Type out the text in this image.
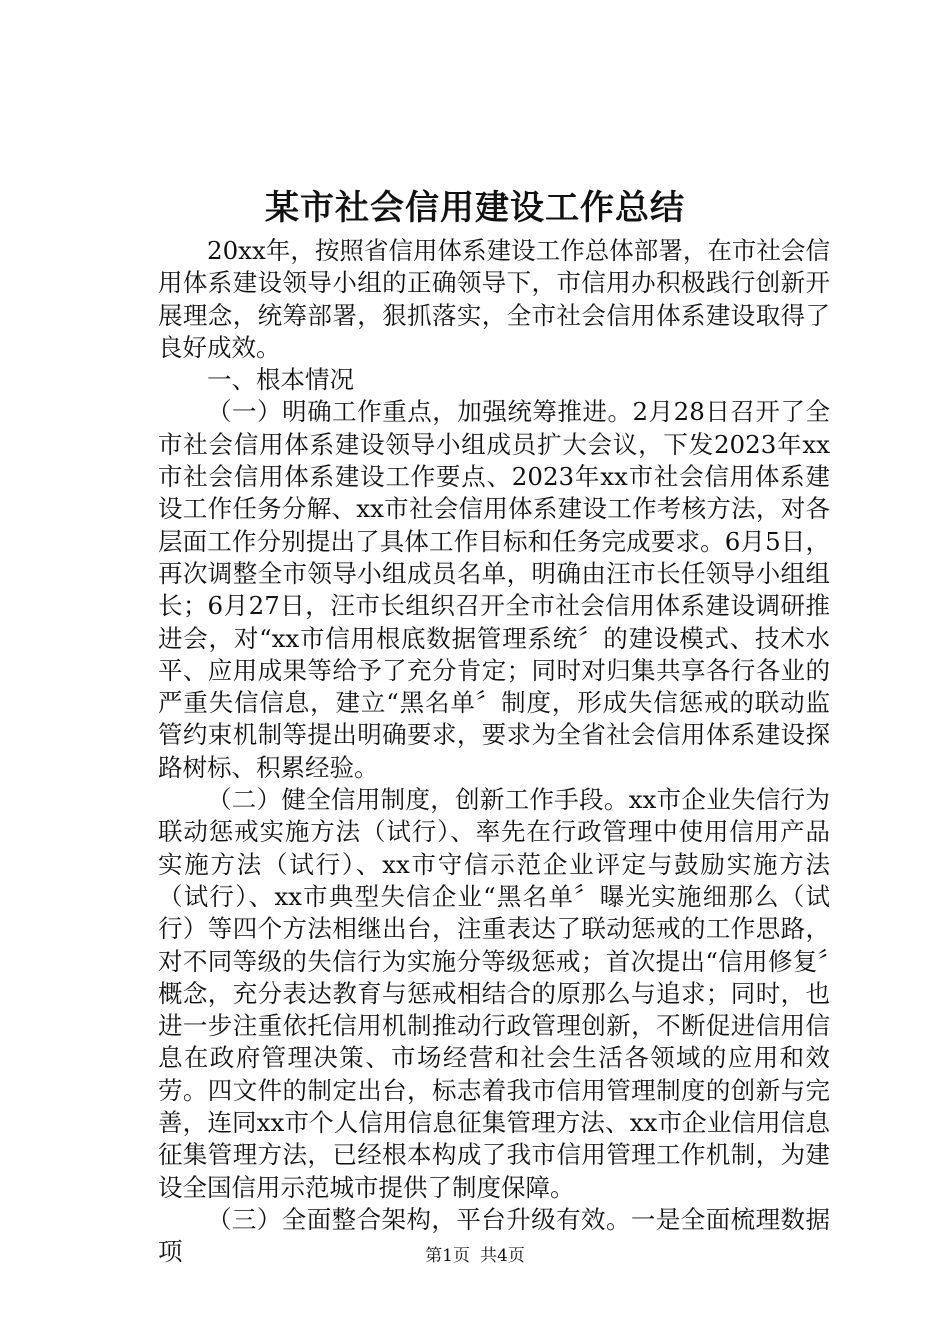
某市社会信用建设工作总结

20xx年，按照省信用体系建设工作总体部署，在市社会信用体系建设领导小组的正确领导下，市信用办积极践行创新开展理念，统筹部署，狠抓落实，全市社会信用体系建设取得了良好成效。

一、根本情况

（一）明确工作重点，加强统筹推进。2月28日召开了全市社会信用体系建设领导小组成员扩大会议，下发2023年xx市社会信用体系建设工作要点、2023年xx市社会信用体系建设工作任务分解、xx市社会信用体系建设工作考核方法，对各层面工作分别提出了具体工作目标和任务完成要求。6月5日，再次调整全市领导小组成员名单，明确由汪市长任领导小组组长；6月27日，汪市长组织召开全市社会信用体系建设调研推进会，对“xx市信用根底数据管理系统〞的建设模式、技术水平、应用成果等给予了充分肯定；同时对归集共享各行各业的严重失信信息，建立“黑名单〞制度，形成失信惩戒的联动监管约束机制等提出明确要求，要求为全省社会信用体系建设探路树标、积累经验。

（二）健全信用制度，创新工作手段。xx市企业失信行为联动惩戒实施方法（试行）、率先在行政管理中使用信用产品实施方法（试行）、xx市守信示范企业评定与鼓励实施方法（试行）、xx市典型失信企业“黑名单〞曝光实施细那么（试行）等四个方法相继出台，注重表达了联动惩戒的工作思路，对不同等级的失信行为实施分等级惩戒；首次提出“信用修复〞概念，充分表达教育与惩戒相结合的原那么与追求；同时，也进一步注重依托信用机制推动行政管理创新，不断促进信用信息在政府管理决策、市场经营和社会生活各领域的应用和效劳。四文件的制定出台，标志着我市信用管理制度的创新与完善，连同xx市个人信用信息征集管理方法、xx市企业信用信息征集管理方法，已经根本构成了我市信用管理工作机制，为建设全国信用示范城市提供了制度保障。

（三）全面整合架构，平台升级有效。一是全面梳理数据项	第1页 共4页
